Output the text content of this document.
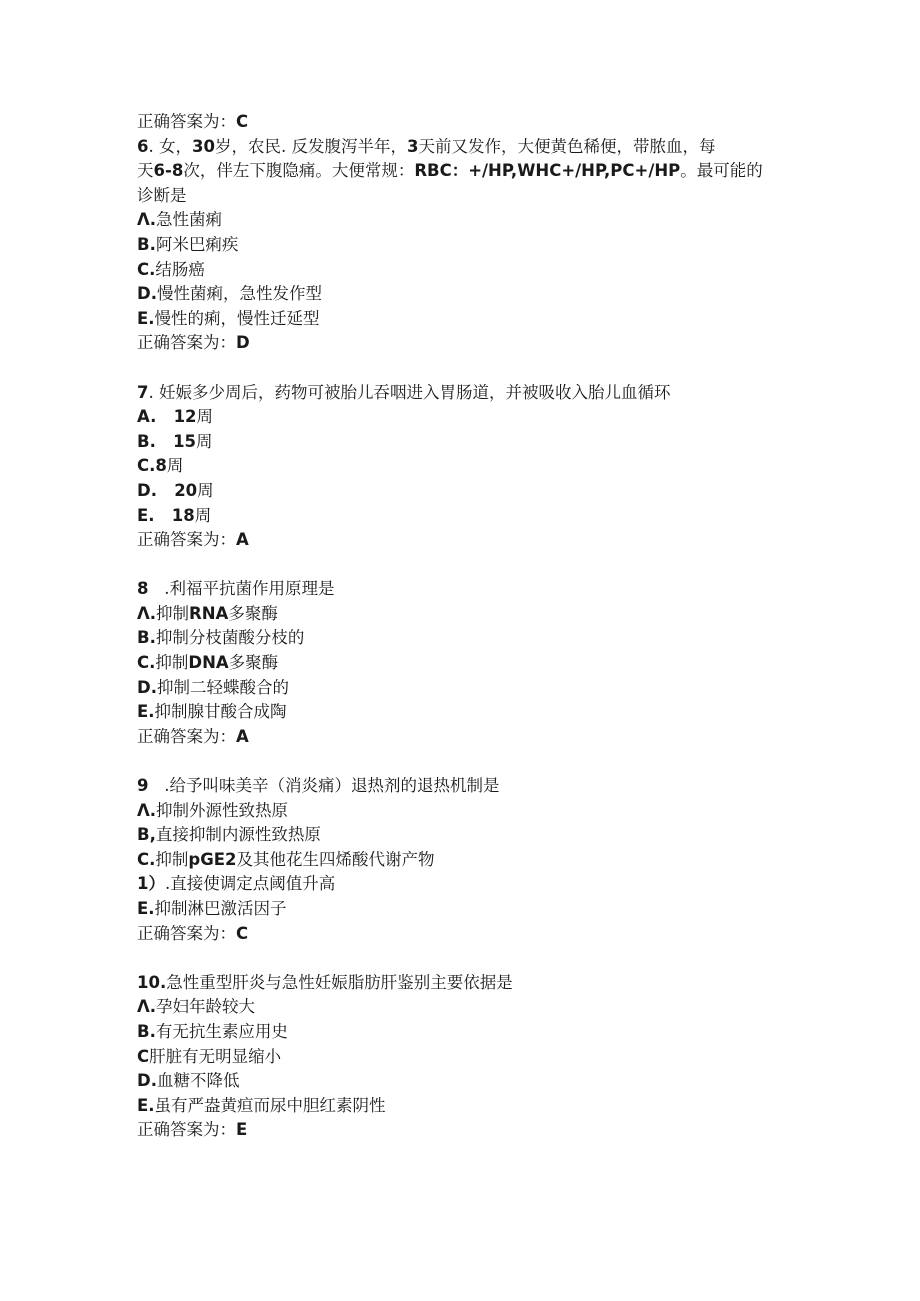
正确答案为：C
6. 女，30岁，农民. 反发腹泻半年，3天前又发作，大便黄色稀便，带脓血，每
天6-8次，伴左下腹隐痛。大便常规：RBC：+/HP,WHC+/HP,PC+/HP。最可能的
诊断是
Λ.急性菌痢
B.阿米巴痢疾
C.结肠癌
D.慢性菌痢，急性发作型
E.慢性的痢，慢性迁延型
正确答案为：D
7. 妊娠多少周后，药物可被胎儿吞咽进入胃肠道，并被吸收入胎儿血循环
A.   12周
B.   15周
C.8周
D.   20周
E.   18周
正确答案为：A
8   .利福平抗菌作用原理是
Λ.抑制RNA多聚酶
B.抑制分枝菌酸分枝的
C.抑制DNA多聚酶
D.抑制二轻蝶酸合的
E.抑制腺甘酸合成陶
正确答案为：A
9   .给予叫味美辛（消炎痛）退热剂的退热机制是
Λ.抑制外源性致热原
B,直接抑制内源性致热原
C.抑制pGE2及其他花生四烯酸代谢产物
1）.直接使调定点阈值升高
E.抑制淋巴激活因子
正确答案为：C
10.急性重型肝炎与急性妊娠脂肪肝鉴别主要依据是
Λ.孕妇年龄较大
B.有无抗生素应用史
C肝脏有无明显缩小
D.血糖不降低
E.虽有严盎黄疸而尿中胆红素阴性
正确答案为：E
